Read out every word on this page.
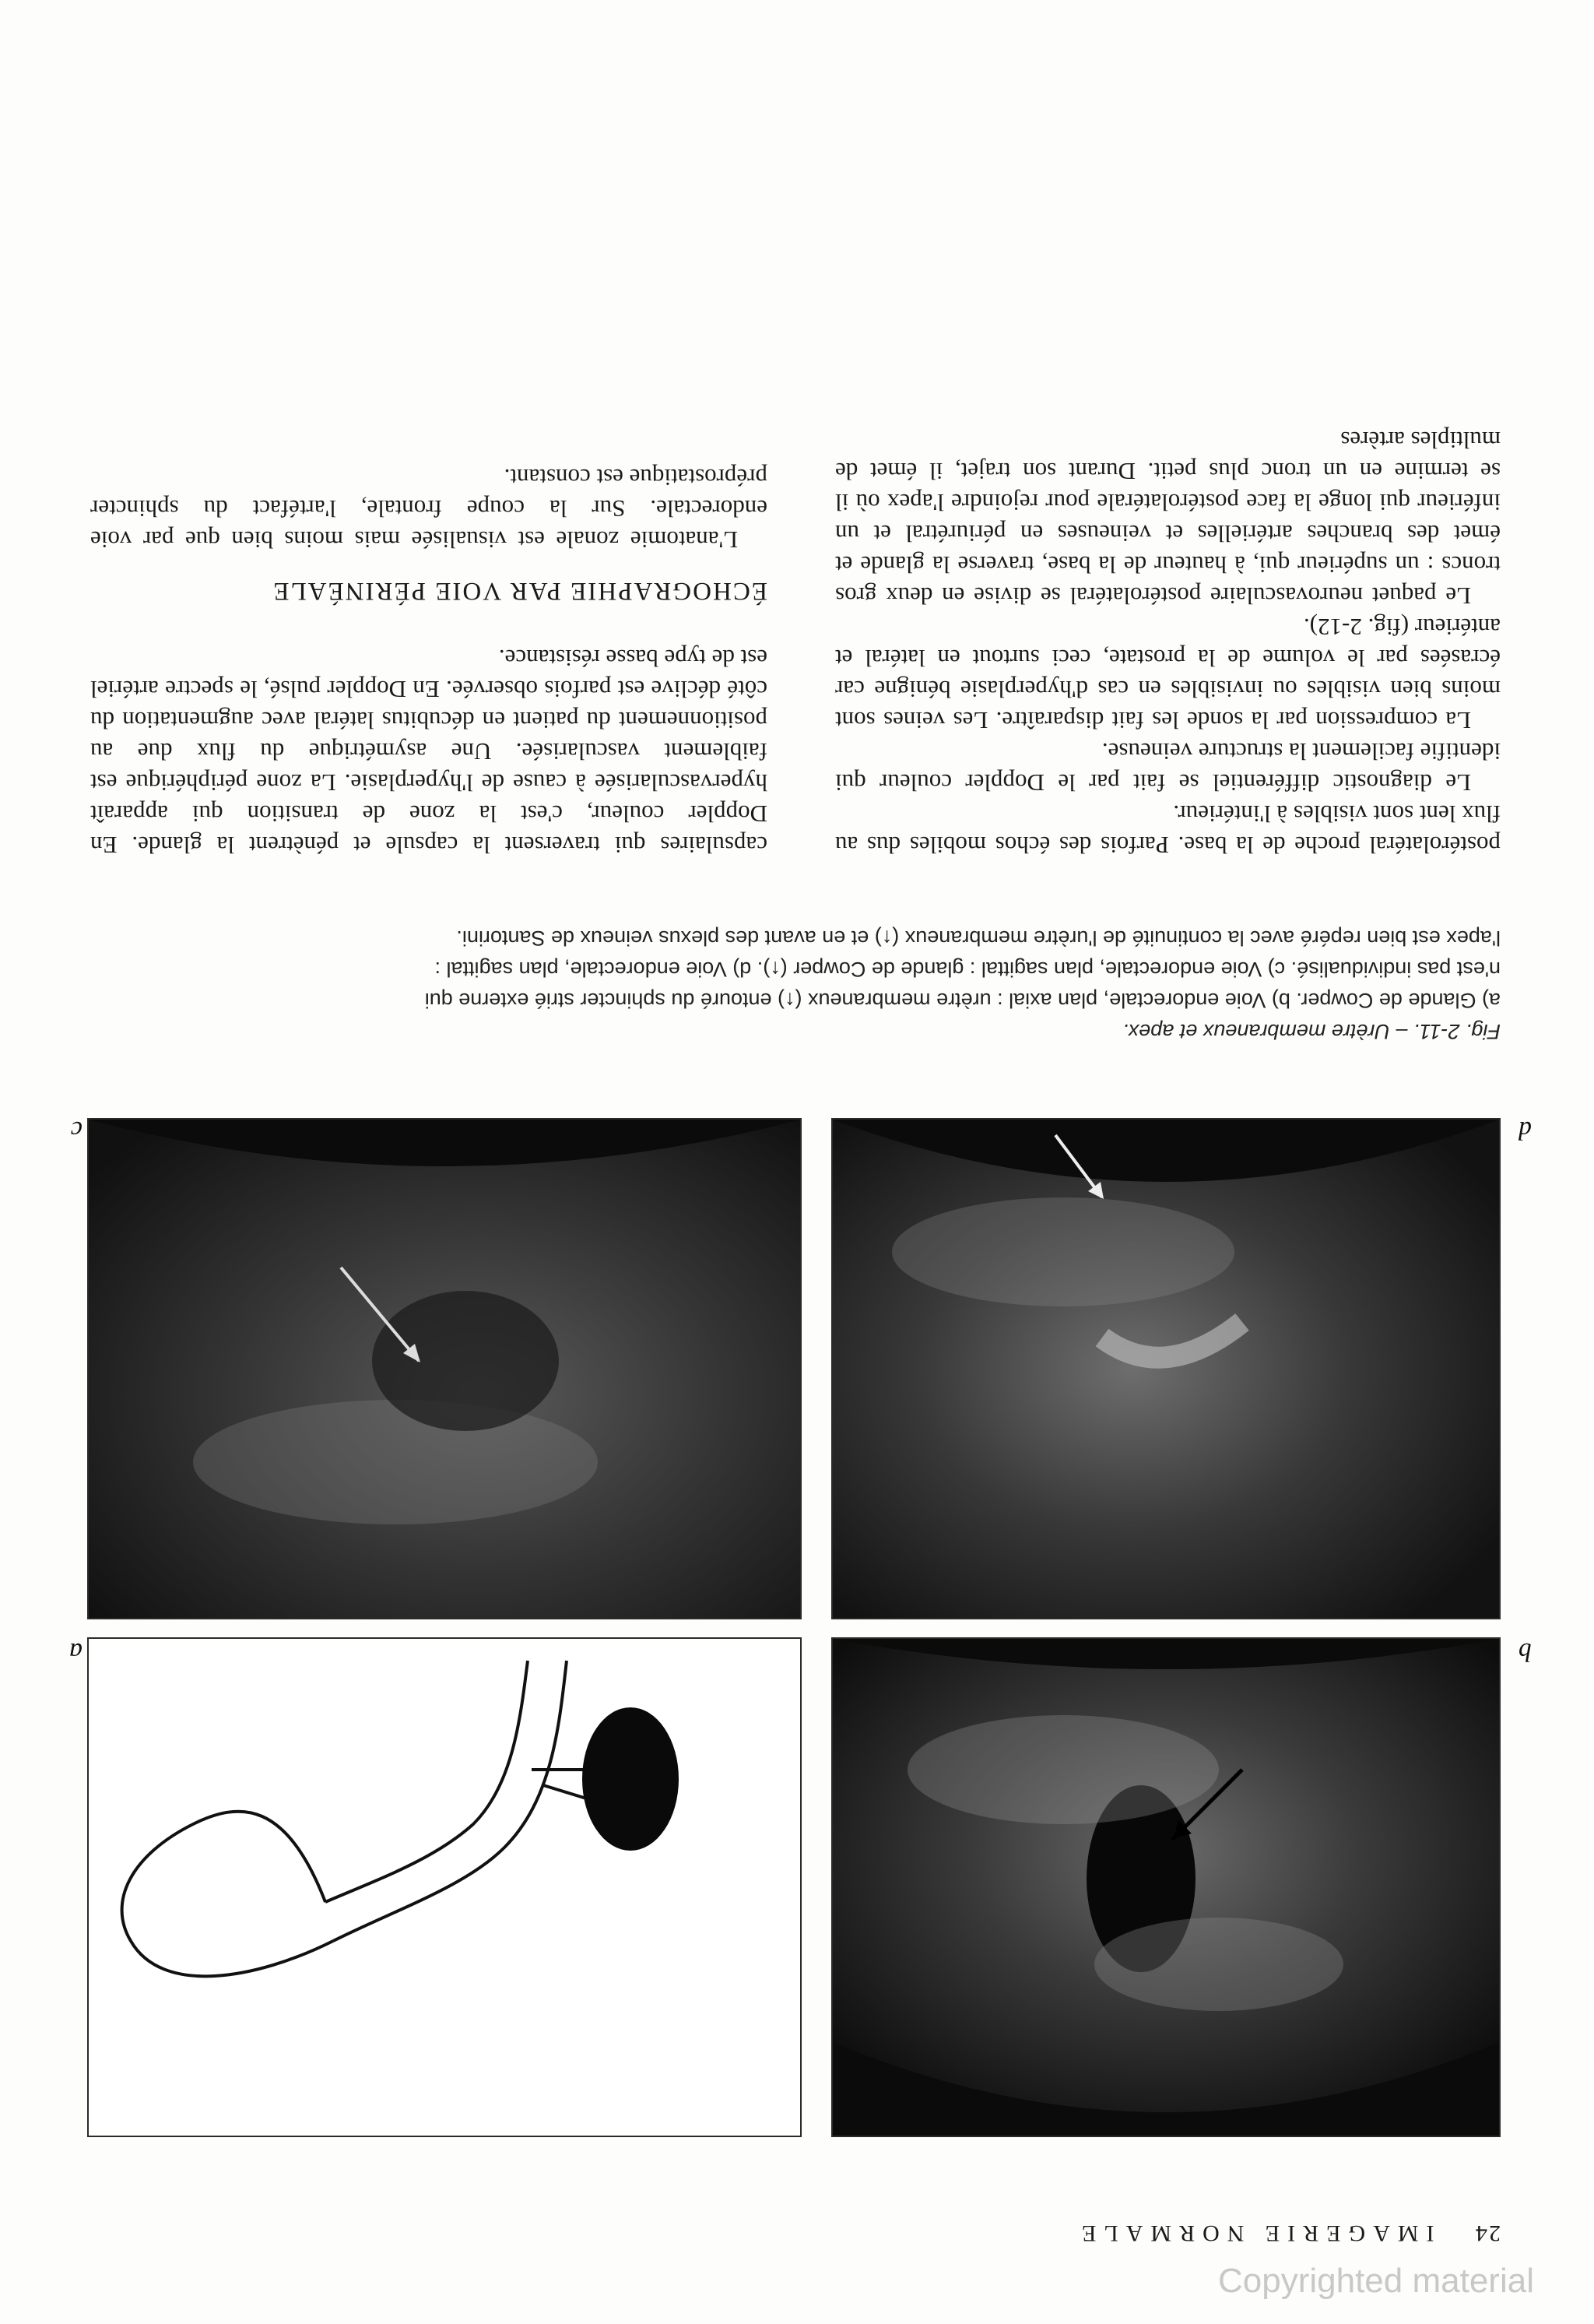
24 IMAGERIE NORMALE
a	b
c	d
Fig. 2-11. – Urètre membraneux et apex.
a) Glande de Cowper. b) Voie endorectale, plan axial : urètre membraneux (↑) entouré du sphincter strié externe qui
n'est pas individualisé. c) Voie endorectale, plan sagittal : glande de Cowper (↑). d) Voie endorectale, plan sagittal :
l'apex est bien repéré avec la continuité de l'urètre membraneux (↑) et en avant des plexus veineux de Santorini.

postérolatéral proche de la base. Parfois des échos mobiles dus au flux lent sont visibles à l'intérieur.

Le diagnostic différentiel se fait par le Doppler couleur qui identifie facilement la structure veineuse.

La compression par la sonde les fait disparaître. Les veines sont moins bien visibles ou invisibles en cas d'hyperplasie bénigne car écrasées par le volume de la prostate, ceci surtout en latéral et antérieur (fig. 2-12).

Le paquet neurovasculaire postérolatéral se divise en deux gros troncs : un supérieur qui, à hauteur de la base, traverse la glande et émet des branches artérielles et veineuses en périurétral et un inférieur qui longe la face postérolatérale pour rejoindre l'apex où il se termine en un tronc plus petit. Durant son trajet, il émet de multiples artères

capsulaires qui traversent la capsule et pénètrent la glande. En Doppler couleur, c'est la zone de transition qui apparaît hypervascularisée à cause de l'hyperplasie. La zone périphérique est faiblement vascularisée. Une asymétrique du flux due au positionnement du patient en décubitus latéral avec augmentation du côté déclive est parfois observée. En Doppler pulsé, le spectre artériel est de type basse résistance.

ÉCHOGRAPHIE PAR VOIE PÉRINÉALE

L'anatomie zonale est visualisée mais moins bien que par voie endorectale. Sur la coupe frontale, l'artéfact du sphincter préprostatique est constant.

Copyrighted material
